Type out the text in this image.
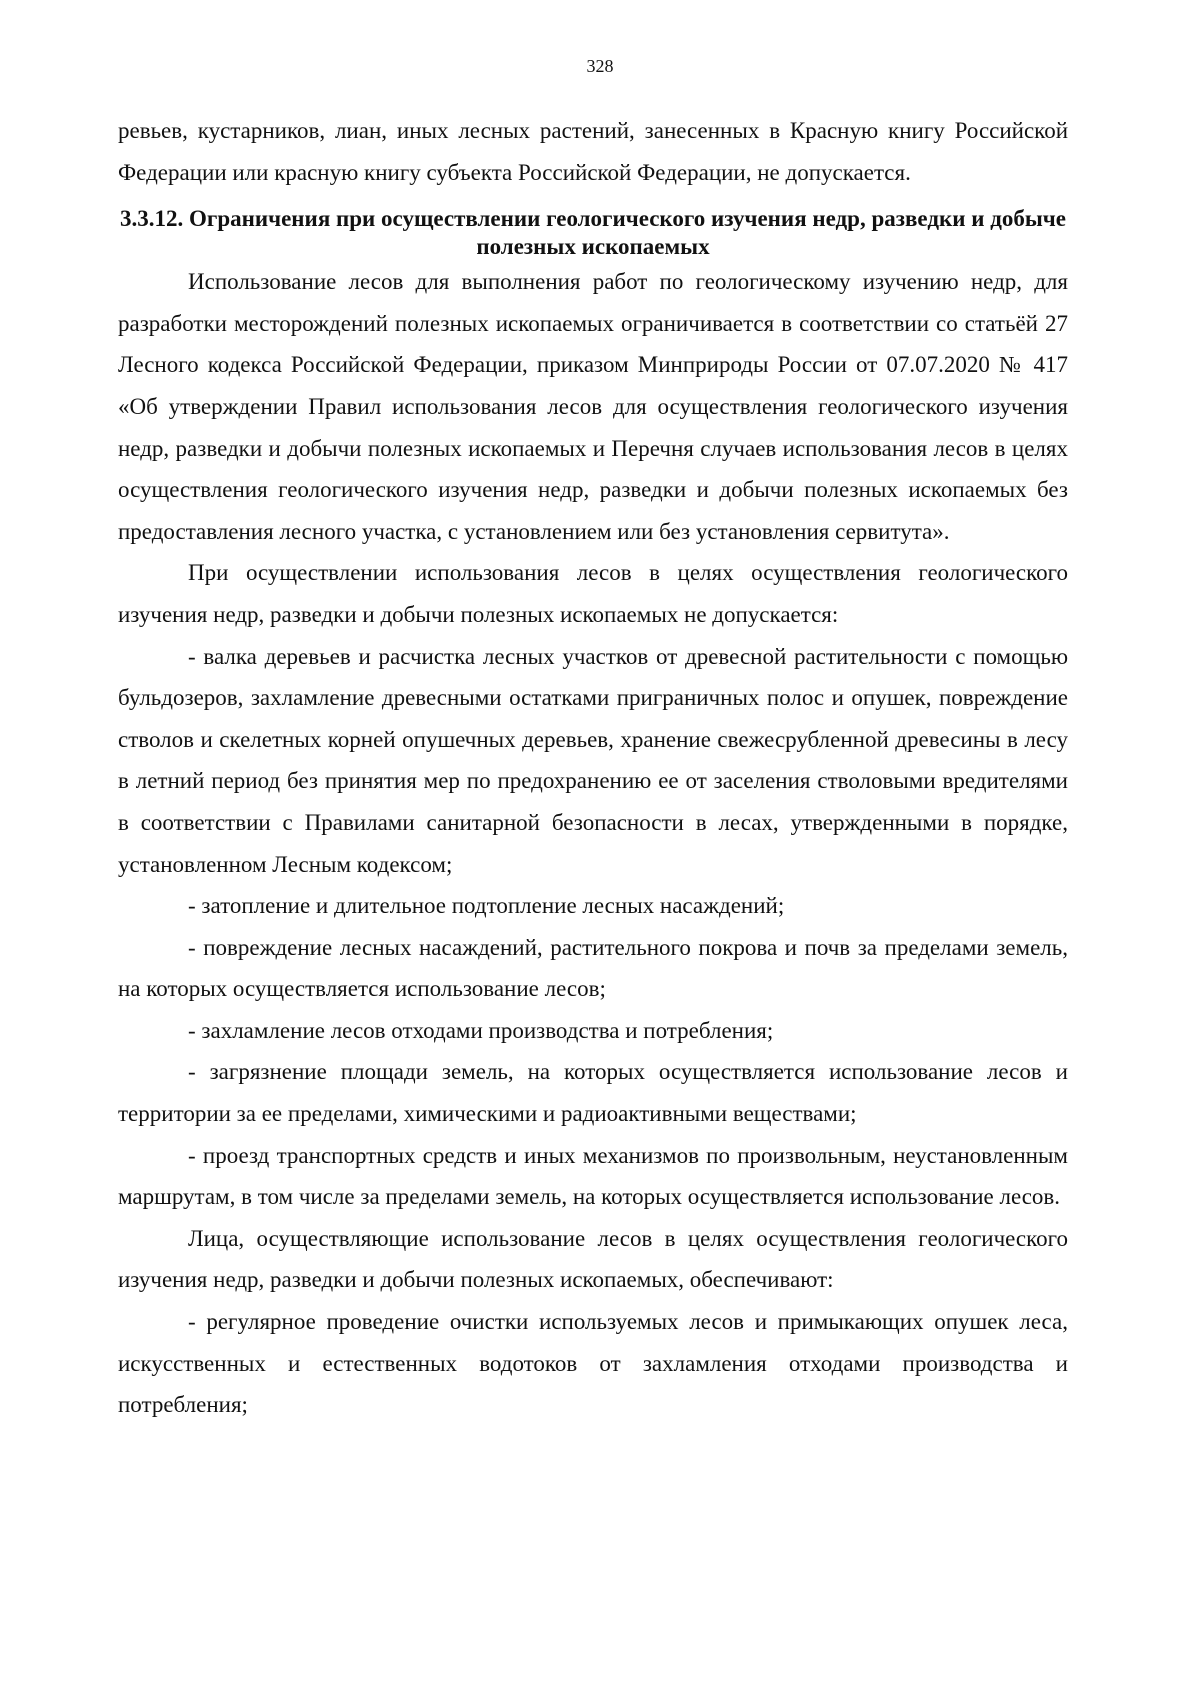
328

ревьев, кустарников, лиан, иных лесных растений, занесенных в Красную книгу Российской Федерации или красную книгу субъекта Российской Федерации, не допускается.

3.3.12. Ограничения при осуществлении геологического изучения недр, разведки и добыче полезных ископаемых

Использование лесов для выполнения работ по геологическому изучению недр, для разработки месторождений полезных ископаемых ограничивается в соответствии со статьёй 27 Лесного кодекса Российской Федерации, приказом Минприроды России от 07.07.2020 № 417 «Об утверждении Правил использования лесов для осуществления геологического изучения недр, разведки и добычи полезных ископаемых и Перечня случаев использования лесов в целях осуществления геологического изучения недр, разведки и добычи полезных ископаемых без предоставления лесного участка, с установлением или без установления сервитута».

При осуществлении использования лесов в целях осуществления геологического изучения недр, разведки и добычи полезных ископаемых не допускается:

- валка деревьев и расчистка лесных участков от древесной растительности с помощью бульдозеров, захламление древесными остатками приграничных полос и опушек, повреждение стволов и скелетных корней опушечных деревьев, хранение свежесрубленной древесины в лесу в летний период без принятия мер по предохранению ее от заселения стволовыми вредителями в соответствии с Правилами санитарной безопасности в лесах, утвержденными в порядке, установленном Лесным кодексом;

- затопление и длительное подтопление лесных насаждений;

- повреждение лесных насаждений, растительного покрова и почв за пределами земель, на которых осуществляется использование лесов;

- захламление лесов отходами производства и потребления;

- загрязнение площади земель, на которых осуществляется использование лесов и территории за ее пределами, химическими и радиоактивными веществами;

- проезд транспортных средств и иных механизмов по произвольным, неустановленным маршрутам, в том числе за пределами земель, на которых осуществляется использование лесов.

Лица, осуществляющие использование лесов в целях осуществления геологического изучения недр, разведки и добычи полезных ископаемых, обеспечивают:

- регулярное проведение очистки используемых лесов и примыкающих опушек леса, искусственных и естественных водотоков от захламления отходами производства и потребления;
